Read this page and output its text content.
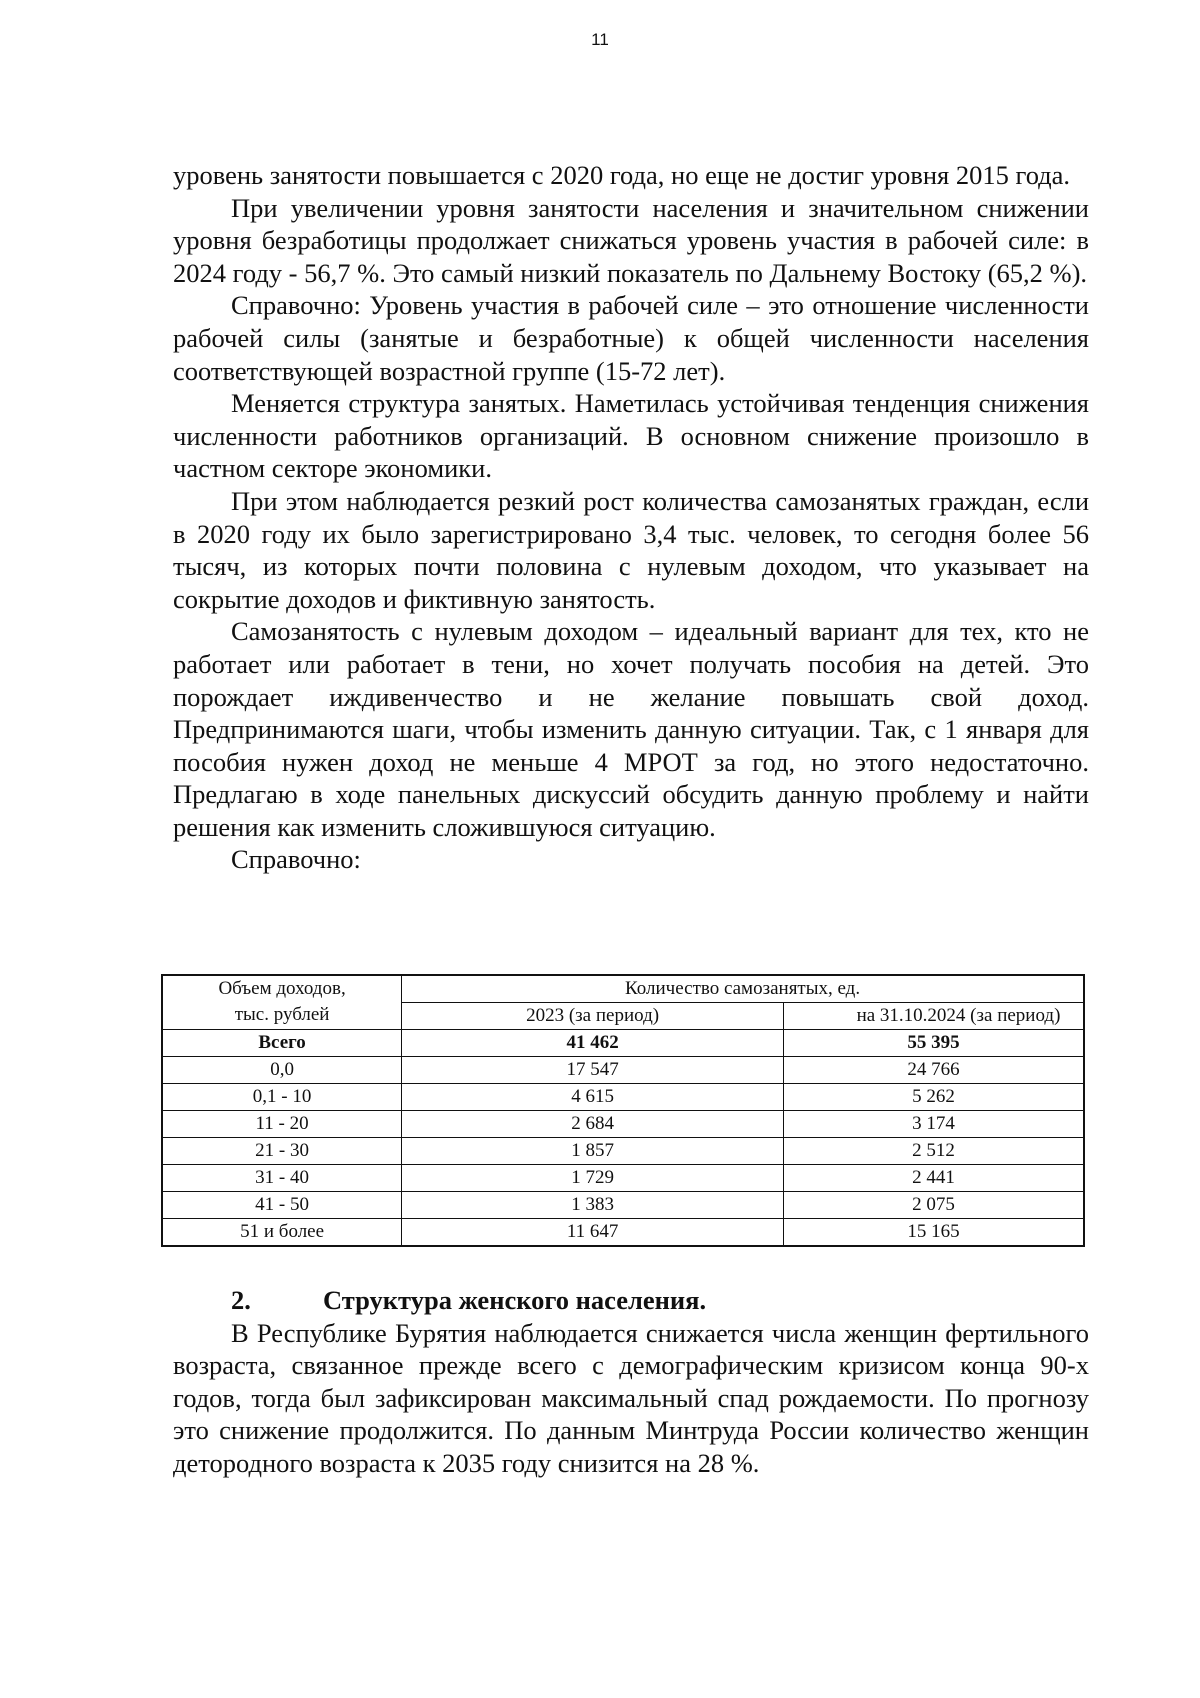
11

уровень занятости повышается с 2020 года, но еще не достиг уровня 2015 года.

При увеличении уровня занятости населения и значительном снижении уровня безработицы продолжает снижаться уровень участия в рабочей силе: в 2024 году - 56,7 %. Это самый низкий показатель по Дальнему Востоку (65,2 %).

Справочно: Уровень участия в рабочей силе – это отношение численности рабочей силы (занятые и безработные) к общей численности населения соответствующей возрастной группе (15-72 лет).

Меняется структура занятых. Наметилась устойчивая тенденция снижения численности работников организаций. В основном снижение произошло в частном секторе экономики.

При этом наблюдается резкий рост количества самозанятых граждан, если в 2020 году их было зарегистрировано 3,4 тыс. человек, то сегодня более 56 тысяч, из которых почти половина с нулевым доходом, что указывает на сокрытие доходов и фиктивную занятость.

Самозанятость с нулевым доходом – идеальный вариант для тех, кто не работает или работает в тени, но хочет получать пособия на детей. Это порождает иждивенчество и не желание повышать свой доход. Предпринимаются шаги, чтобы изменить данную ситуации. Так, с 1 января для пособия нужен доход не меньше 4 МРОТ за год, но этого недостаточно. Предлагаю в ходе панельных дискуссий обсудить данную проблему и найти решения как изменить сложившуюся ситуацию.

Справочно:

Объем доходов, тыс. рублей	Количество самозанятых, ед.	
	2023 (за период)	на 31.10.2024 (за период)
Всего	41 462	55 395
0,0	17 547	24 766
0,1 - 10	4 615	5 262
11 - 20	2 684	3 174
21 - 30	1 857	2 512
31 - 40	1 729	2 441
41 - 50	1 383	2 075
51 и более	11 647	15 165

2.	Структура женского населения.

В Республике Бурятия наблюдается снижается числа женщин фертильного возраста, связанное прежде всего с демографическим кризисом конца 90-х годов, тогда был зафиксирован максимальный спад рождаемости. По прогнозу это снижение продолжится. По данным Минтруда России количество женщин детородного возраста к 2035 году снизится на 28 %.
